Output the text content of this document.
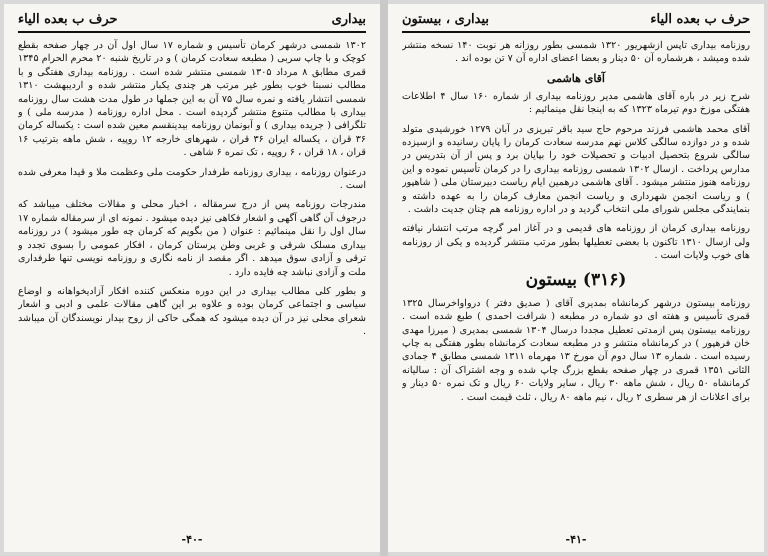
بیداری
حرف ب بعده الیاء

۱۳۰۲ شمسی درشهر کرمان تأسیس و شماره ۱۷ سال اول آن در چهار صفحه بقطع کوچک و با چاپ سربی ( مطبعه سعادت کرمان ) و در تاریخ شنبه ۲۰ محرم الحرام ۱۳۴۵ قمری مطابق ۸ مرداد ۱۳۰۵ شمسی منتشر شده است . روزنامه بیداری هفتگی و با مطالب نسبتا خوب بطور غیر مرتب هر چندی یکبار منتشر شده و اردیبهشت ۱۳۱۰ شمسی انتشار یافته و نمره سال ۷۵ آن به این جملها در طول مدت هشت سال روزنامه بیداری با مطالب متنوع منتشر گردیده است . محل اداره روزنامه ( مدرسه ملی ) و تلگرافی ( جریده بیداری ) و آبونمان روزنامه بیدینقسم معین شده است : یکساله کرمان ۳۶ قران ، یکساله ایران ۳۶ قران ، شهرهای خارجه ۱۲ روپیه ، شش ماهه بترتیب ۱۶ قران ، ۱۸ قران ، ۶ روپیه ، تک نمره ۶ شاهی .

درعنوان روزنامه ، بیداری روزنامه طرفدار حکومت ملی وعظمت ملا و قیدا معرفی شده است .

مندرجات روزنامه پس از درج سرمقاله ، اخبار محلی و مقالات مختلف میباشد که درجوف آن گاهی آگهی و اشعار فکاهی نیز دیده میشود . نمونه ای از سرمقاله شماره ۱۷ سال اول را نقل مینمائیم : عنوان ( من بگویم که کرمان چه طور میشود ) در روزنامه بیداری مسلک شرقی و غربی وطن پرستان کرمان ، افکار عمومی را بسوی تجدد و ترقی و آزادی سوق میدهد . اگر مقصد از نامه نگاری و روزنامه نویسی تنها طرفداری ملت و آزادی نباشد چه فایده دارد .

و بطور کلی مطالب بیداری در این دوره منعکس کننده افکار آزادیخواهانه و اوضاع سیاسی و اجتماعی کرمان بوده و علاوه بر این گاهی مقالات علمی و ادبی و اشعار شعرای محلی نیز در آن دیده میشود که همگی حاکی از روح بیدار نویسندگان آن میباشد .

-۴۰-
حرف ب بعده الیاء
بیداری ، بیستون

روزنامه بیداری تاپس ازشهریور ۱۳۲۰ شمسی بطور روزانه هر نوبت ۱۴۰ نسخه منتشر شده ومیشد ، هرشماره آن ۵۰ دینار و بعضا اعضای اداره آن ۷ تن بوده اند .

آقای هاشمی

شرح زیر در باره آقای هاشمی مدیر روزنامه بیداری از شماره ۱۶۰ سال ۴ اطلاعات هفتگی موزخ دوم تیرماه ۱۳۲۳ که به اینجا نقل مینمائیم :

آقای محمد هاشمی فرزند مرحوم حاج سید باقر تبریزی در آبان ۱۲۷۹ خورشیدی متولد شده و در دوازده سالگی کلاس نهم مدرسه سعادت کرمان را پایان رسانیده و ازسیزده سالگی شروع بتحصیل ادبیات و تحصیلات خود را بپایان برد و پس از آن بتدریس در مدارس پرداخت . ازسال ۱۳۰۲ شمسی روزنامه بیداری را در کرمان تأسیس نموده و این روزنامه هنوز منتشر میشود . آقای هاشمی درهمین ایام ریاست دبیرستان ملی ( شاهپور ) و ریاست انجمن شهرداری و ریاست انجمن معارف کرمان را به عهده داشته و بنمایندگی مجلس شورای ملی انتخاب گردید و در اداره روزنامه هم چنان جدیت داشت .

روزنامه بیداری کرمان از روزنامه های قدیمی و در آغاز امر گرچه مرتب انتشار نیافته ولی ازسال ۱۳۱۰ تاکنون با بعضی تعطیلها بطور مرتب منتشر گردیده و یکی از روزنامه های خوب ولایات است .

(۳۱۶) بیستون

روزنامه بیستون درشهر کرمانشاه بمدیری آقای ( صدیق دفتر ) درواواخرسال ۱۳۲۵ قمری تأسیس و هفته ای دو شماره در مطبعه ( شرافت احمدی ) طبع شده است . روزنامه بیستون پس ازمدتی تعطیل مجددا درسال ۱۳۰۴ شمسی بمدیری ( میرزا مهدی خان فرهپور ) در کرمانشاه منتشر و در مطبعه سعادت کرمانشاه بطور هفتگی به چاپ رسیده است . شماره ۱۳ سال دوم آن مورخ ۱۳ مهرماه ۱۳۱۱ شمسی مطابق ۴ جمادی الثانی ۱۳۵۱ قمری در چهار صفحه بقطع بزرگ چاپ شده و وجه اشتراک آن : سالیانه کرمانشاه ۵۰ ریال ، شش ماهه ۳۰ ریال ، سایر ولایات ۶۰ ریال و تک نمره ۵۰ دینار و برای اعلانات از هر سطری ۲ ریال ، نیم ماهه ۸۰ ریال ، ثلث قیمت است .

-۴۱-
